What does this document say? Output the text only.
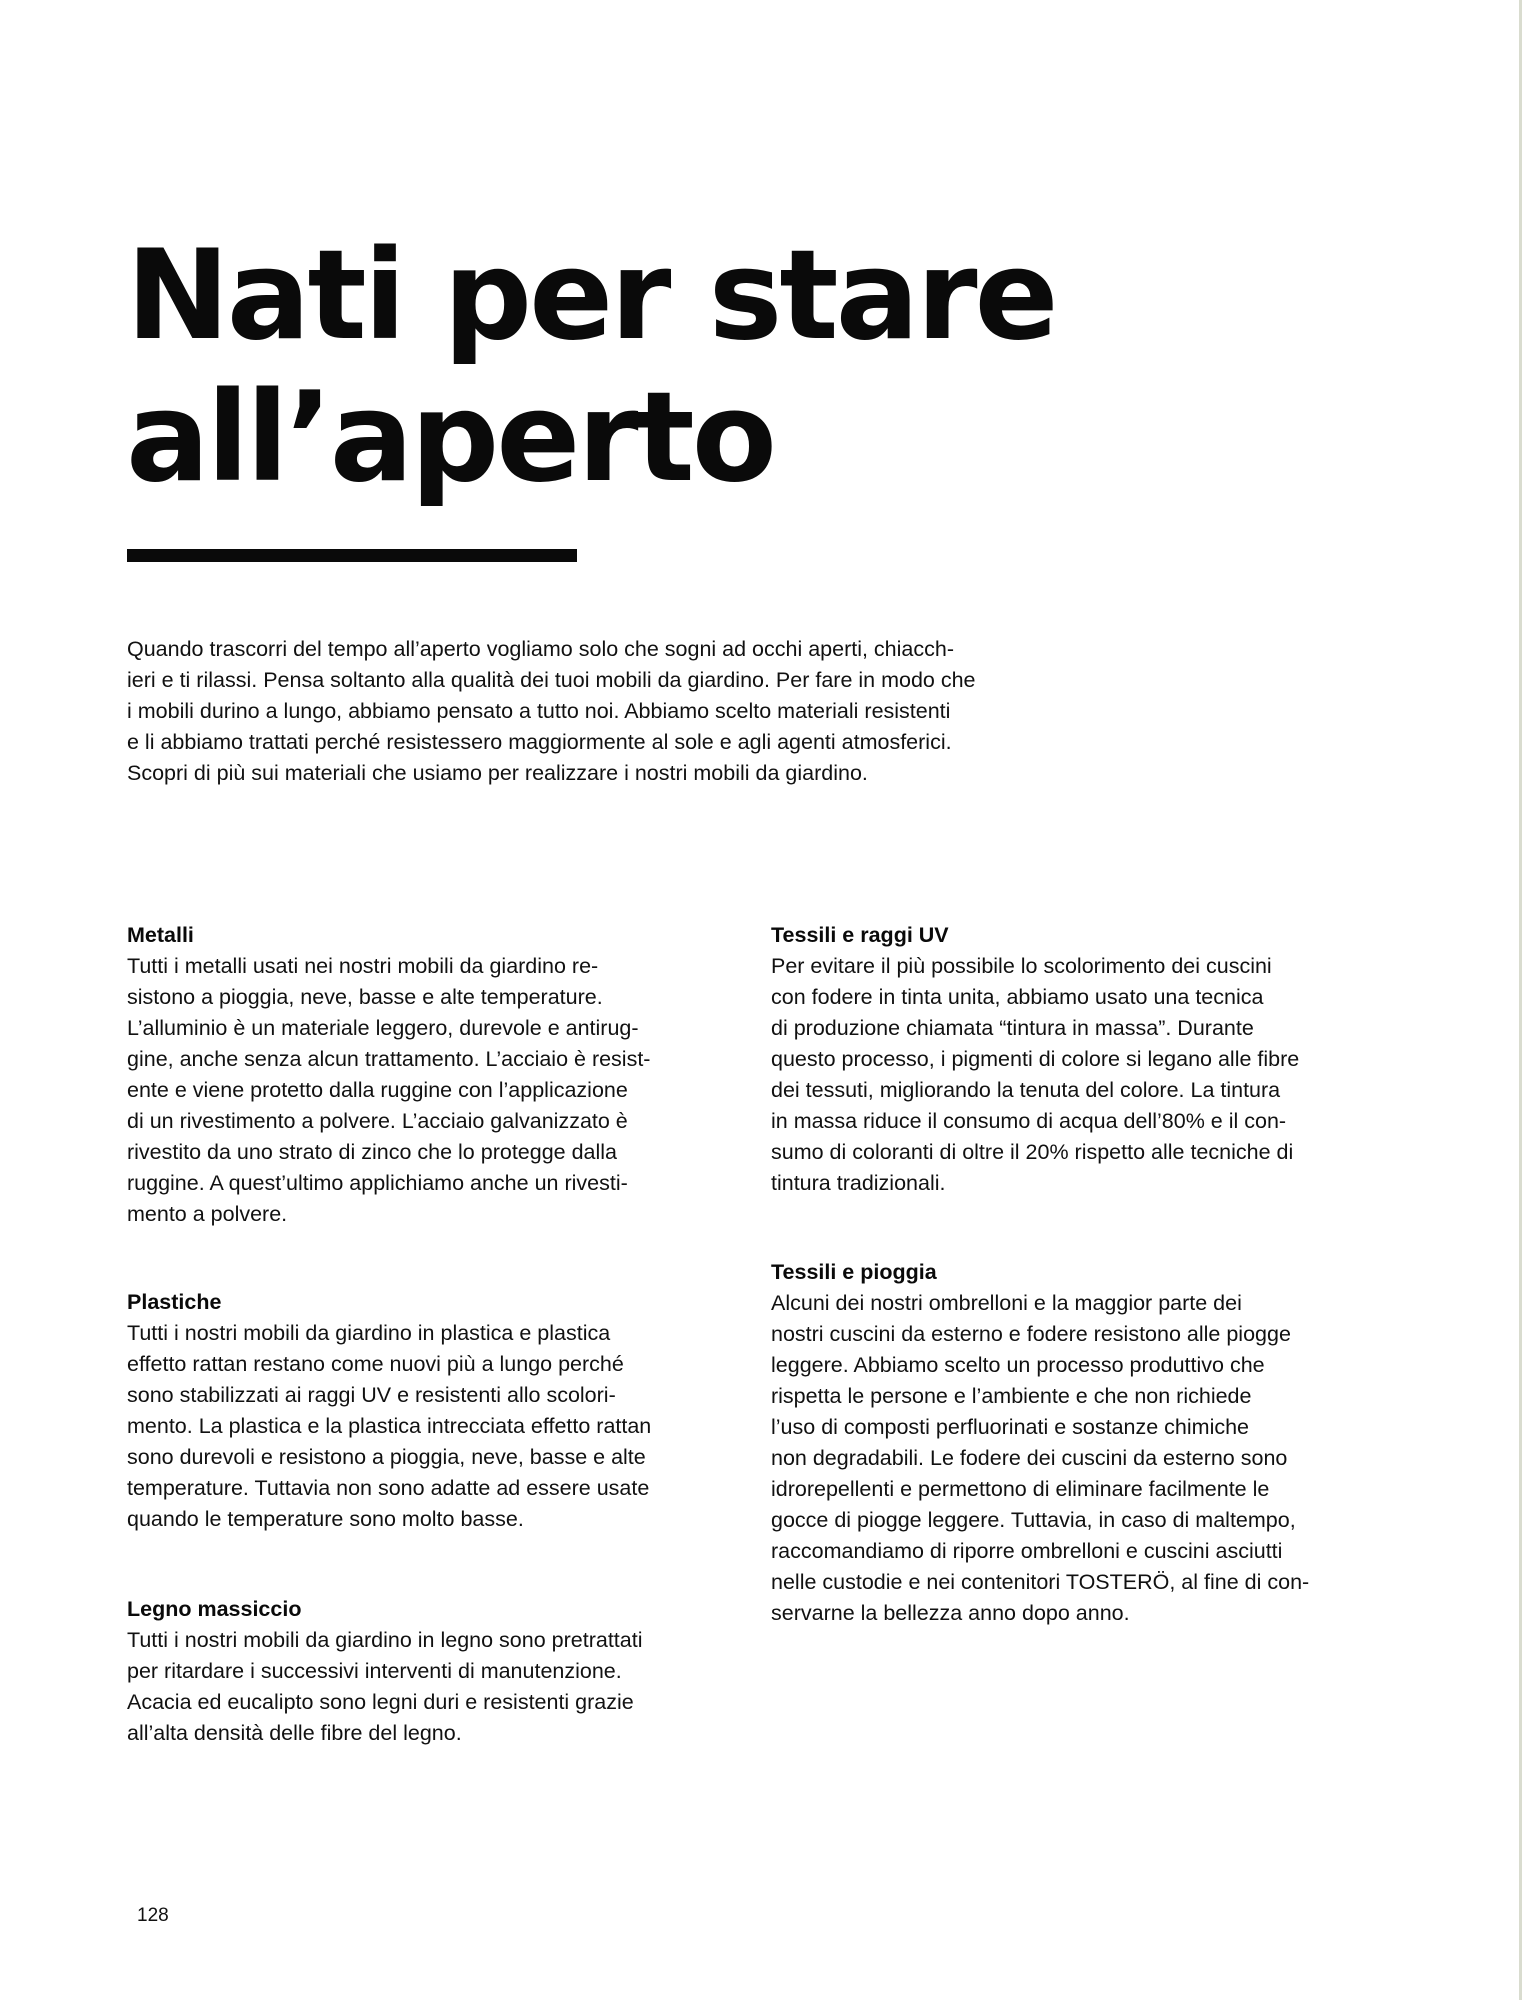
Nati per stare
all’aperto

Quando trascorri del tempo all’aperto vogliamo solo che sogni ad occhi aperti, chiacch-
ieri e ti rilassi. Pensa soltanto alla qualità dei tuoi mobili da giardino. Per fare in modo che
i mobili durino a lungo, abbiamo pensato a tutto noi. Abbiamo scelto materiali resistenti
e li abbiamo trattati perché resistessero maggiormente al sole e agli agenti atmosferici.
Scopri di più sui materiali che usiamo per realizzare i nostri mobili da giardino.

Metalli

Tutti i metalli usati nei nostri mobili da giardino re-
sistono a pioggia, neve, basse e alte temperature.
L’alluminio è un materiale leggero, durevole e antirug-
gine, anche senza alcun trattamento. L’acciaio è resist-
ente e viene protetto dalla ruggine con l’applicazione
di un rivestimento a polvere. L’acciaio galvanizzato è
rivestito da uno strato di zinco che lo protegge dalla
ruggine. A quest’ultimo applichiamo anche un rivesti-
mento a polvere.

Plastiche

Tutti i nostri mobili da giardino in plastica e plastica
effetto rattan restano come nuovi più a lungo perché
sono stabilizzati ai raggi UV e resistenti allo scolori-
mento. La plastica e la plastica intrecciata effetto rattan
sono durevoli e resistono a pioggia, neve, basse e alte
temperature. Tuttavia non sono adatte ad essere usate
quando le temperature sono molto basse.

Legno massiccio

Tutti i nostri mobili da giardino in legno sono pretrattati
per ritardare i successivi interventi di manutenzione.
Acacia ed eucalipto sono legni duri e resistenti grazie
all’alta densità delle fibre del legno.

Tessili e raggi UV

Per evitare il più possibile lo scolorimento dei cuscini
con fodere in tinta unita, abbiamo usato una tecnica
di produzione chiamata “tintura in massa”. Durante
questo processo, i pigmenti di colore si legano alle fibre
dei tessuti, migliorando la tenuta del colore. La tintura
in massa riduce il consumo di acqua dell’80% e il con-
sumo di coloranti di oltre il 20% rispetto alle tecniche di
tintura tradizionali.

Tessili e pioggia

Alcuni dei nostri ombrelloni e la maggior parte dei
nostri cuscini da esterno e fodere resistono alle piogge
leggere. Abbiamo scelto un processo produttivo che
rispetta le persone e l’ambiente e che non richiede
l’uso di composti perfluorinati e sostanze chimiche
non degradabili. Le fodere dei cuscini da esterno sono
idrorepellenti e permettono di eliminare facilmente le
gocce di piogge leggere. Tuttavia, in caso di maltempo,
raccomandiamo di riporre ombrelloni e cuscini asciutti
nelle custodie e nei contenitori TOSTERÖ, al fine di con-
servarne la bellezza anno dopo anno.

128
